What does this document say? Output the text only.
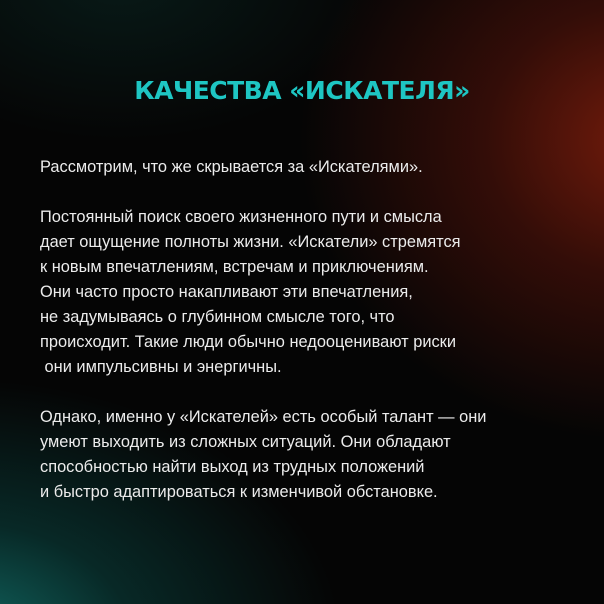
КАЧЕСТВА «ИСКАТЕЛЯ»

Рассмотрим, что же скрывается за «Искателями».

Постоянный поиск своего жизненного пути и смысла
дает ощущение полноты жизни. «Искатели» стремятся
к новым впечатлениям, встречам и приключениям.
Они часто просто накапливают эти впечатления,
не задумываясь о глубинном смысле того, что
происходит. Такие люди обычно недооценивают риски
они импульсивны и энергичны.

Однако, именно у «Искателей» есть особый талант — они
умеют выходить из сложных ситуаций. Они обладают
способностью найти выход из трудных положений
и быстро адаптироваться к изменчивой обстановке.
